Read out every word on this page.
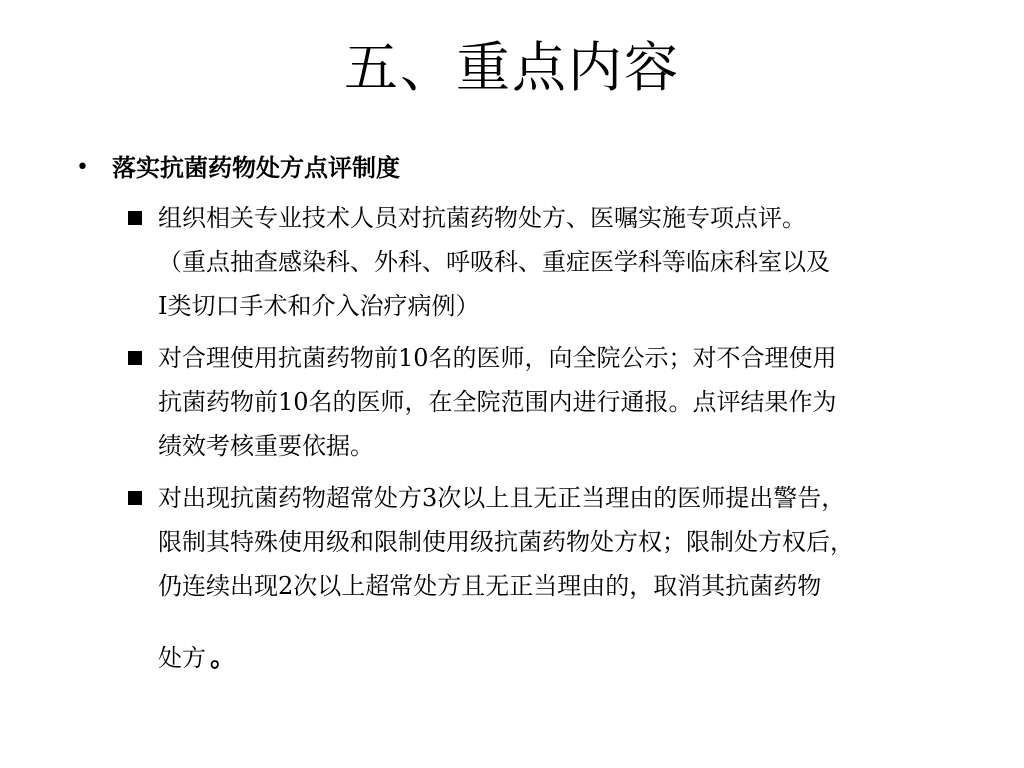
五、重点内容
• 落实抗菌药物处方点评制度
组织相关专业技术人员对抗菌药物处方、医嘱实施专项点评。
（重点抽查感染科、外科、呼吸科、重症医学科等临床科室以及
I类切口手术和介入治疗病例）
对合理使用抗菌药物前10名的医师，向全院公示；对不合理使用
抗菌药物前10名的医师，在全院范围内进行通报。点评结果作为
绩效考核重要依据。
对出现抗菌药物超常处方3次以上且无正当理由的医师提出警告，
限制其特殊使用级和限制使用级抗菌药物处方权；限制处方权后，
仍连续出现2次以上超常处方且无正当理由的，取消其抗菌药物
处方 。
